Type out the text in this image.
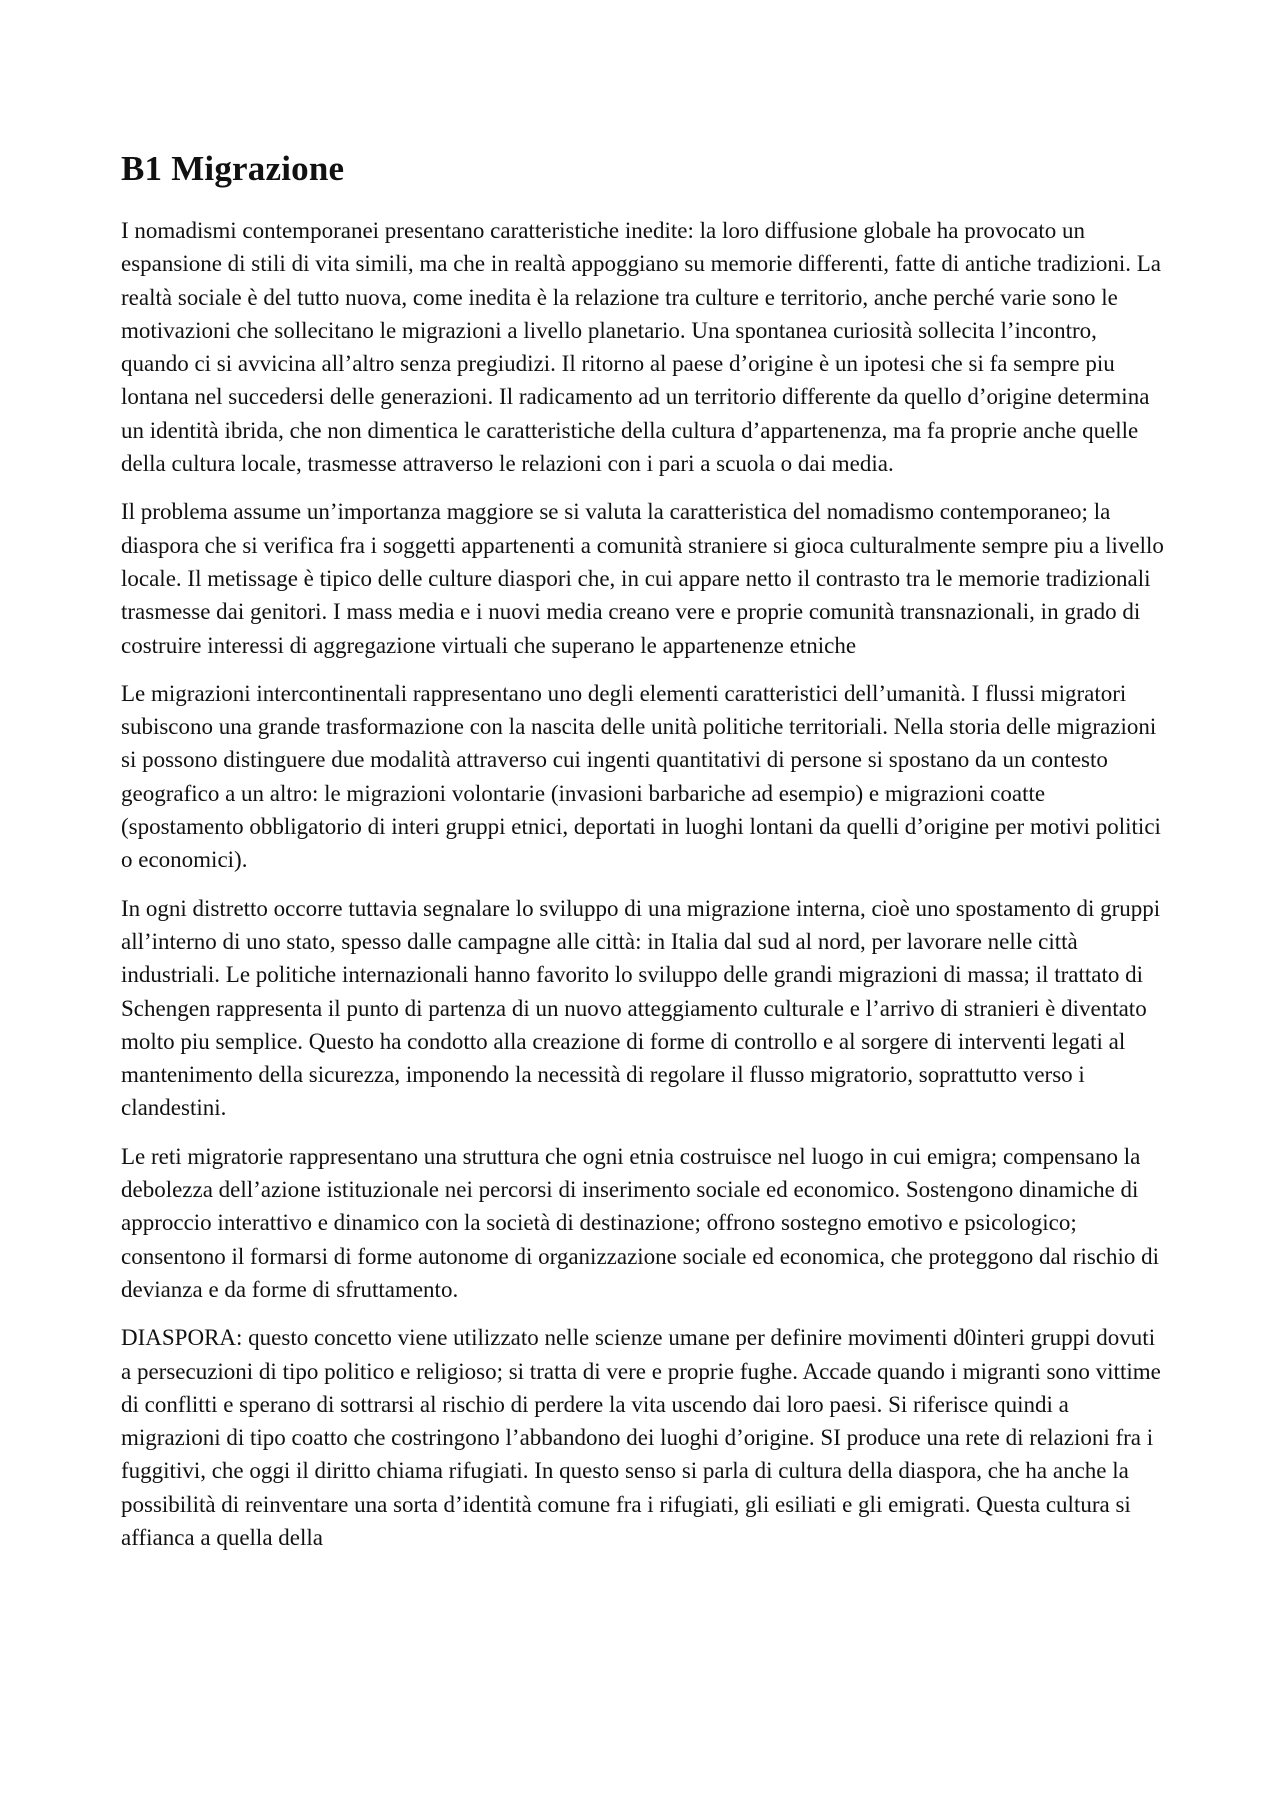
B1 Migrazione

I nomadismi contemporanei presentano caratteristiche inedite: la loro diffusione globale ha provocato un espansione di stili di vita simili, ma che in realtà appoggiano su memorie differenti, fatte di antiche tradizioni. La realtà sociale è del tutto nuova, come inedita è la relazione tra culture e territorio, anche perché varie sono le motivazioni che sollecitano le migrazioni a livello planetario. Una spontanea curiosità sollecita l’incontro, quando ci si avvicina all’altro senza pregiudizi. Il ritorno al paese d’origine è un ipotesi che si fa sempre piu lontana nel succedersi delle generazioni. Il radicamento ad un territorio differente da quello d’origine determina un identità ibrida, che non dimentica le caratteristiche della cultura d’appartenenza, ma fa proprie anche quelle della cultura locale, trasmesse attraverso le relazioni con i pari a scuola o dai media.

Il problema assume un’importanza maggiore se si valuta la caratteristica del nomadismo contemporaneo; la diaspora che si verifica fra i soggetti appartenenti a comunità straniere si gioca culturalmente sempre piu a livello locale. Il metissage è tipico delle culture diaspori che, in cui appare netto il contrasto tra le memorie tradizionali trasmesse dai genitori. I mass media e i nuovi media creano vere e proprie comunità transnazionali, in grado di costruire interessi di aggregazione virtuali che superano le appartenenze etniche

Le migrazioni intercontinentali rappresentano uno degli elementi caratteristici dell’umanità. I flussi migratori subiscono una grande trasformazione con la nascita delle unità politiche territoriali. Nella storia delle migrazioni si possono distinguere due modalità attraverso cui ingenti quantitativi di persone si spostano da un contesto geografico a un altro: le migrazioni volontarie (invasioni barbariche ad esempio) e migrazioni coatte (spostamento obbligatorio di interi gruppi etnici, deportati in luoghi lontani da quelli d’origine per motivi politici o economici).

In ogni distretto occorre tuttavia segnalare lo sviluppo di una migrazione interna, cioè uno spostamento di gruppi all’interno di uno stato, spesso dalle campagne alle città: in Italia dal sud al nord, per lavorare nelle città industriali. Le politiche internazionali hanno favorito lo sviluppo delle grandi migrazioni di massa; il trattato di Schengen rappresenta il punto di partenza di un nuovo atteggiamento culturale e l’arrivo di stranieri è diventato molto piu semplice. Questo ha condotto alla creazione di forme di controllo e al sorgere di interventi legati al mantenimento della sicurezza, imponendo la necessità di regolare il flusso migratorio, soprattutto verso i clandestini.

Le reti migratorie rappresentano una struttura che ogni etnia costruisce nel luogo in cui emigra; compensano la debolezza dell’azione istituzionale nei percorsi di inserimento sociale ed economico. Sostengono dinamiche di approccio interattivo e dinamico con la società di destinazione; offrono sostegno emotivo e psicologico; consentono il formarsi di forme autonome di organizzazione sociale ed economica, che proteggono dal rischio di devianza e da forme di sfruttamento.

DIASPORA: questo concetto viene utilizzato nelle scienze umane per definire movimenti d0interi gruppi dovuti a persecuzioni di tipo politico e religioso; si tratta di vere e proprie fughe. Accade quando i migranti sono vittime di conflitti e sperano di sottrarsi al rischio di perdere la vita uscendo dai loro paesi. Si riferisce quindi a migrazioni di tipo coatto che costringono l’abbandono dei luoghi d’origine. SI produce una rete di relazioni fra i fuggitivi, che oggi il diritto chiama rifugiati. In questo senso si parla di cultura della diaspora, che ha anche la possibilità di reinventare una sorta d’identità comune fra i rifugiati, gli esiliati e gli emigrati. Questa cultura si affianca a quella della
